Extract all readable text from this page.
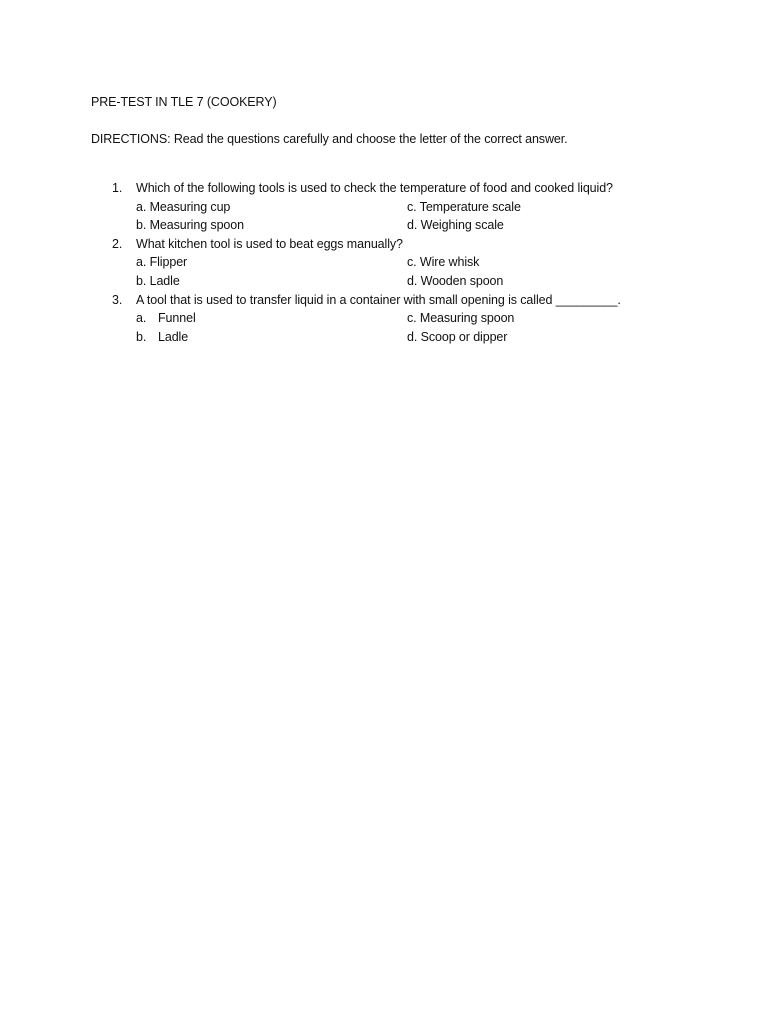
PRE-TEST IN TLE 7 (COOKERY)
DIRECTIONS: Read the questions carefully and choose the letter of the correct answer.
1. Which of the following tools is used to check the temperature of food and cooked liquid?
a. Measuring cup	c. Temperature scale
b. Measuring spoon	d. Weighing scale
2. What kitchen tool is used to beat eggs manually?
a. Flipper	c. Wire whisk
b. Ladle	d. Wooden spoon
3. A tool that is used to transfer liquid in a container with small opening is called _________.
a. Funnel	c. Measuring spoon
b. Ladle	d. Scoop or dipper
